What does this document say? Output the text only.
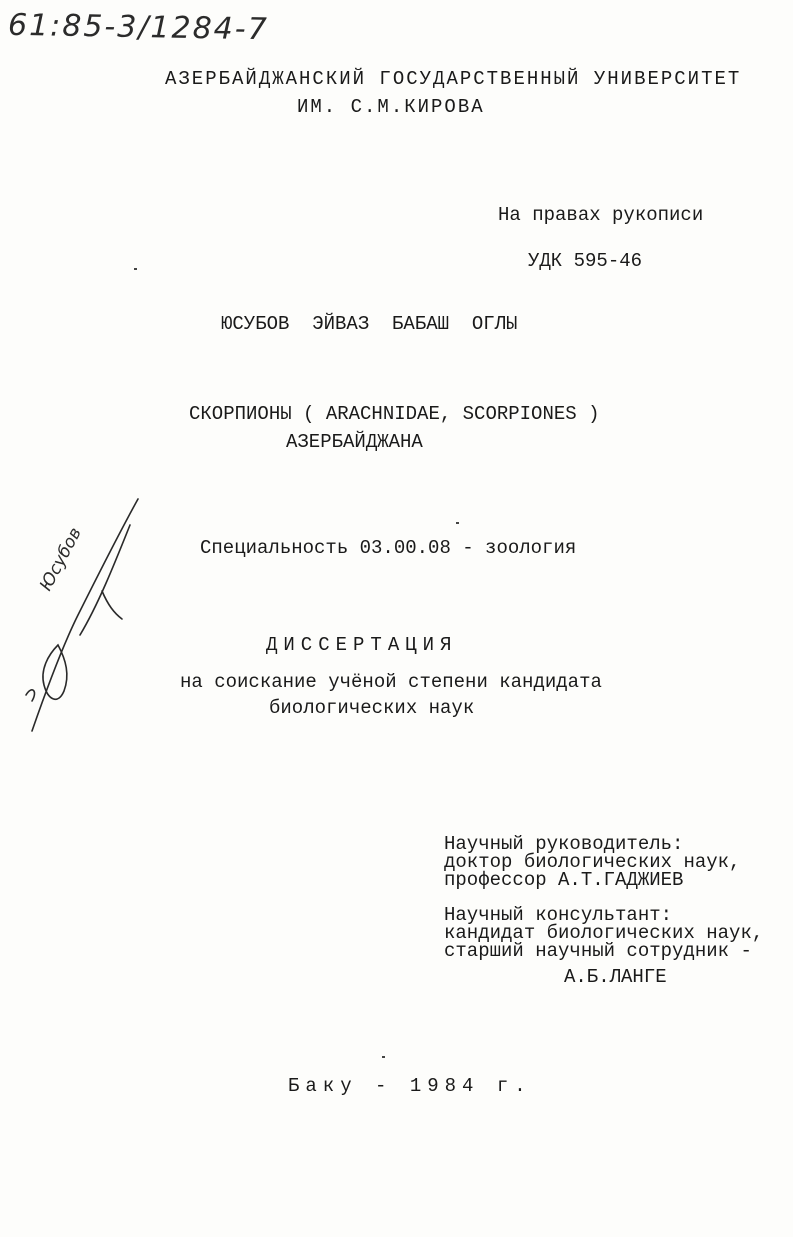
61:85-3/1284-7
АЗЕРБАЙДЖАНСКИЙ ГОСУДАРСТВЕННЫЙ УНИВЕРСИТЕТ
ИМ. С.М.КИРОВА
На правах рукописи
УДК 595-46
ЮСУБОВ  ЭЙВАЗ  БАБАШ  ОГЛЫ
СКОРПИОНЫ ( ARACHNIDAE, SCORPIONES )
АЗЕРБАЙДЖАНА
Специальность 03.00.08 - зоология
ДИССЕРТАЦИЯ
на соискание учёной степени кандидата
биологических наук
Научный руководитель:
доктор биологических наук,
профессор А.Т.ГАДЖИЕВ
Научный консультант:
кандидат биологических наук,
старший научный сотрудник -
А.Б.ЛАНГЕ
Баку - 1984 г.
Юсубов
